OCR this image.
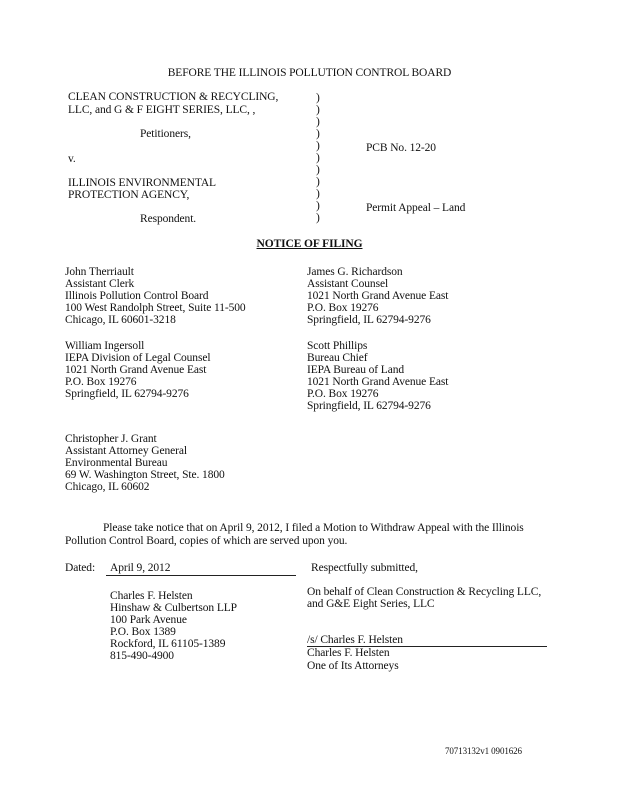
BEFORE THE ILLINOIS POLLUTION CONTROL BOARD
CLEAN CONSTRUCTION & RECYCLING,
LLC, and G & F EIGHT SERIES, LLC, ,
Petitioners,
v.
ILLINOIS ENVIRONMENTAL
PROTECTION AGENCY,
Respondent.
)
)
)
)
)
)
)
)
)
)
)
PCB No. 12-20
Permit Appeal – Land
NOTICE OF FILING
John Therriault
Assistant Clerk
Illinois Pollution Control Board
100 West Randolph Street, Suite 11-500
Chicago, IL 60601-3218
James G. Richardson
Assistant Counsel
1021 North Grand Avenue East
P.O. Box 19276
Springfield, IL 62794-9276
William Ingersoll
IEPA Division of Legal Counsel
1021 North Grand Avenue East
P.O. Box 19276
Springfield, IL 62794-9276
Scott Phillips
Bureau Chief
IEPA Bureau of Land
1021 North Grand Avenue East
P.O. Box 19276
Springfield, IL 62794-9276
Christopher J. Grant
Assistant Attorney General
Environmental Bureau
69 W. Washington Street, Ste. 1800
Chicago, IL 60602
Please take notice that on April 9, 2012, I filed a Motion to Withdraw Appeal with the Illinois
Pollution Control Board, copies of which are served upon you.
Dated: April 9, 2012	Respectfully submitted,
Charles F. Helsten
Hinshaw & Culbertson LLP
100 Park Avenue
P.O. Box 1389
Rockford, IL 61105-1389
815-490-4900
On behalf of Clean Construction & Recycling LLC,
and G&E Eight Series, LLC
/s/ Charles F. Helsten
Charles F. Helsten
One of Its Attorneys
70713132v1 0901626
